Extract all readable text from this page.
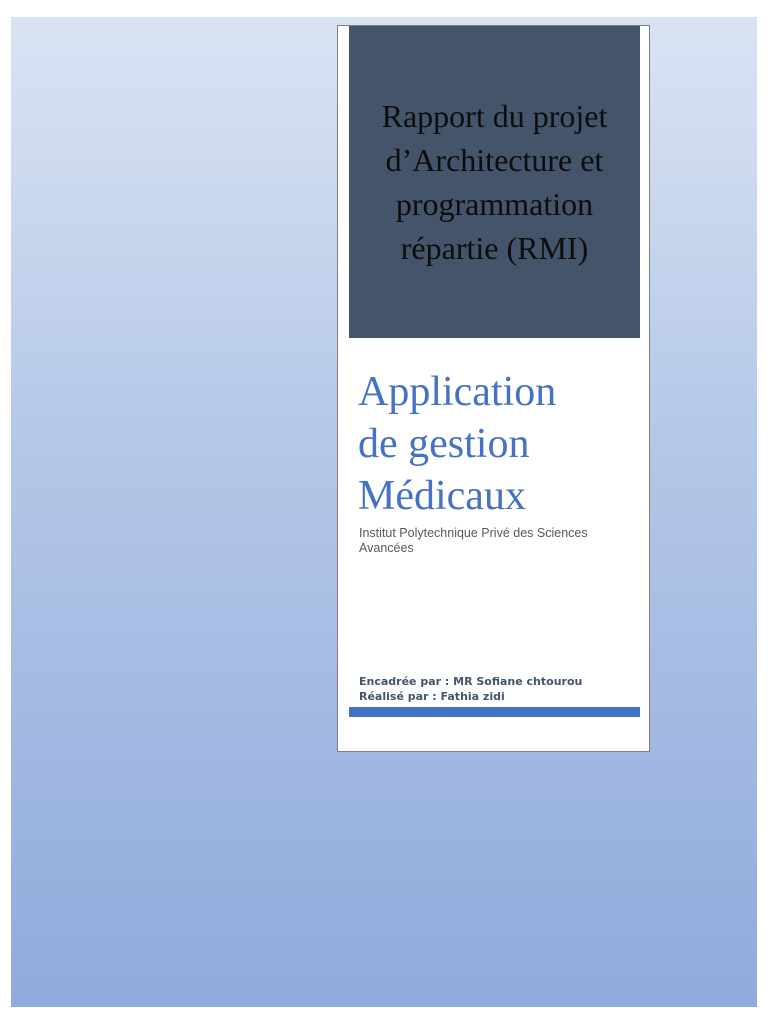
Rapport du projet
d’Architecture et
programmation
répartie (RMI)
Application
de gestion
Médicaux

Institut Polytechnique Privé des Sciences Avancées

Encadrée par : MR Sofiane chtourou
Réalisé par : Fathia zidi
